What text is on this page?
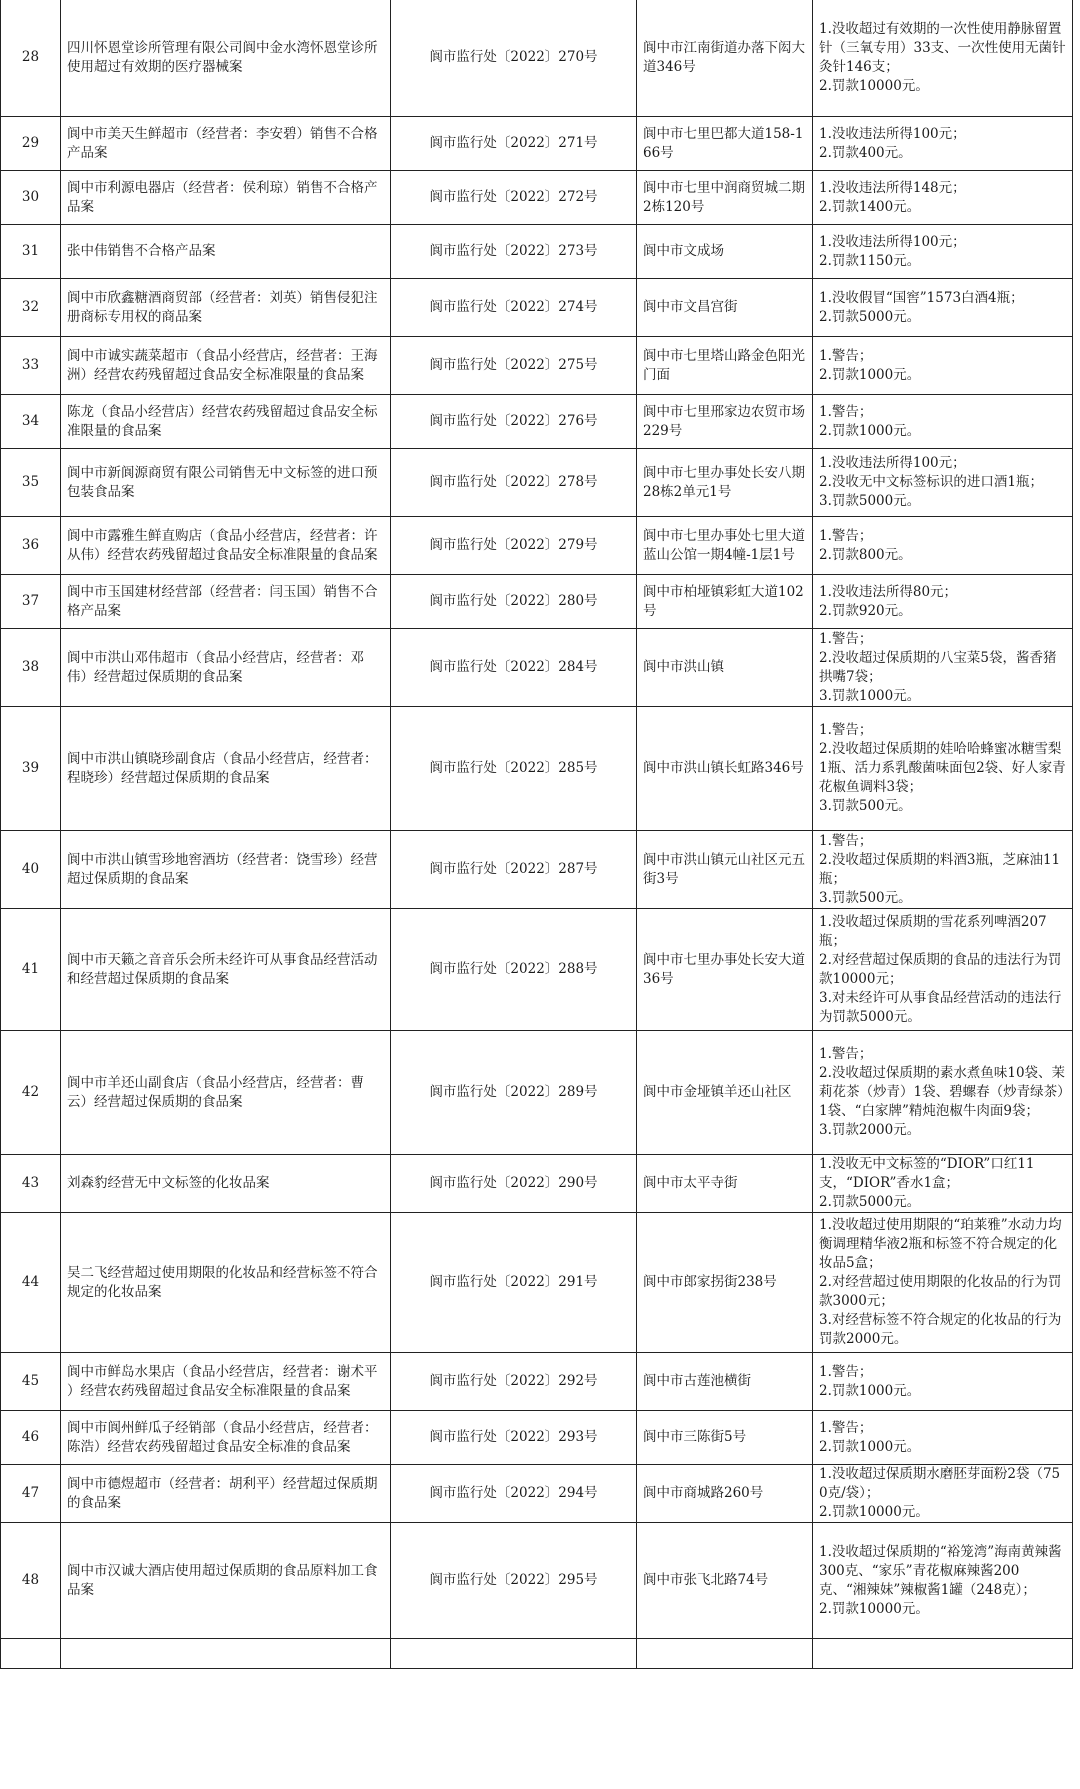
28	四川怀恩堂诊所管理有限公司阆中金水湾怀恩堂诊所使用超过有效期的医疗器械案	阆市监行处〔2022〕270号	阆中市江南街道办落下闳大道346号	1.没收超过有效期的一次性使用静脉留置针（三氧专用）33支、一次性使用无菌针灸针146支；
2.罚款10000元。

29	阆中市美天生鲜超市（经营者：李安碧）销售不合格产品案	阆市监行处〔2022〕271号	阆中市七里巴都大道158-166号	1.没收违法所得100元；
2.罚款400元。

30	阆中市利源电器店（经营者：侯利琼）销售不合格产品案	阆市监行处〔2022〕272号	阆中市七里中润商贸城二期2栋120号	1.没收违法所得148元；
2.罚款1400元。

31	张中伟销售不合格产品案	阆市监行处〔2022〕273号	阆中市文成场	1.没收违法所得100元；
2.罚款1150元。

32	阆中市欣鑫糖酒商贸部（经营者：刘英）销售侵犯注册商标专用权的商品案	阆市监行处〔2022〕274号	阆中市文昌宫街	1.没收假冒“国窖”1573白酒4瓶；
2.罚款5000元。

33	阆中市诚实蔬菜超市（食品小经营店，经营者：王海洲）经营农药残留超过食品安全标准限量的食品案	阆市监行处〔2022〕275号	阆中市七里塔山路金色阳光门面	1.警告；
2.罚款1000元。

34	陈龙（食品小经营店）经营农药残留超过食品安全标准限量的食品案	阆市监行处〔2022〕276号	阆中市七里邢家边农贸市场229号	1.警告；
2.罚款1000元。

35	阆中市新阆源商贸有限公司销售无中文标签的进口预包装食品案	阆市监行处〔2022〕278号	阆中市七里办事处长安八期28栋2单元1号	1.没收违法所得100元；
2.没收无中文标签标识的进口酒1瓶；
3.罚款5000元。

36	阆中市露雅生鲜直购店（食品小经营店，经营者：许从伟）经营农药残留超过食品安全标准限量的食品案	阆市监行处〔2022〕279号	阆中市七里办事处七里大道蓝山公馆一期4幢-1层1号	1.警告；
2.罚款800元。

37	阆中市玉国建材经营部（经营者：闫玉国）销售不合格产品案	阆市监行处〔2022〕280号	阆中市柏垭镇彩虹大道102号	1.没收违法所得80元；
2.罚款920元。

38	阆中市洪山邓伟超市（食品小经营店，经营者：邓伟）经营超过保质期的食品案	阆市监行处〔2022〕284号	阆中市洪山镇	1.警告；
2.没收超过保质期的八宝菜5袋，酱香猪拱嘴7袋；
3.罚款1000元。

39	阆中市洪山镇晓珍副食店（食品小经营店，经营者：程晓珍）经营超过保质期的食品案	阆市监行处〔2022〕285号	阆中市洪山镇长虹路346号	1.警告；
2.没收超过保质期的娃哈哈蜂蜜冰糖雪梨1瓶、活力系乳酸菌味面包2袋、好人家青花椒鱼调料3袋；
3.罚款500元。

40	阆中市洪山镇雪珍地窖酒坊（经营者：饶雪珍）经营超过保质期的食品案	阆市监行处〔2022〕287号	阆中市洪山镇元山社区元五街3号	1.警告；
2.没收超过保质期的料酒3瓶，芝麻油11瓶；
3.罚款500元。

41	阆中市天籁之音音乐会所未经许可从事食品经营活动和经营超过保质期的食品案	阆市监行处〔2022〕288号	阆中市七里办事处长安大道36号	1.没收超过保质期的雪花系列啤酒207瓶；
2.对经营超过保质期的食品的违法行为罚款10000元；
3.对未经许可从事食品经营活动的违法行为罚款5000元。

42	阆中市羊还山副食店（食品小经营店，经营者：曹云）经营超过保质期的食品案	阆市监行处〔2022〕289号	阆中市金垭镇羊还山社区	1.警告；
2.没收超过保质期的素水煮鱼味10袋、茉莉花茶（炒青）1袋、碧螺春（炒青绿茶）1袋、“白家牌”精炖泡椒牛肉面9袋；
3.罚款2000元。

43	刘森豹经营无中文标签的化妆品案	阆市监行处〔2022〕290号	阆中市太平寺街	1.没收无中文标签的“DIOR”口红11支，“DIOR”香水1盒；
2.罚款5000元。

44	吴二飞经营超过使用期限的化妆品和经营标签不符合规定的化妆品案	阆市监行处〔2022〕291号	阆中市郎家拐街238号	1.没收超过使用期限的“珀莱雅”水动力均衡调理精华液2瓶和标签不符合规定的化妆品5盒；
2.对经营超过使用期限的化妆品的行为罚款3000元；
3.对经营标签不符合规定的化妆品的行为罚款2000元。

45	阆中市鲜岛水果店（食品小经营店，经营者：谢术平 ）经营农药残留超过食品安全标准限量的食品案	阆市监行处〔2022〕292号	阆中市古莲池横街	1.警告；
2.罚款1000元。

46	阆中市阆州鲜瓜子经销部（食品小经营店，经营者：陈浩）经营农药残留超过食品安全标准的食品案	阆市监行处〔2022〕293号	阆中市三陈街5号	1.警告；
2.罚款1000元。

47	阆中市德煜超市（经营者：胡利平）经营超过保质期的食品案	阆市监行处〔2022〕294号	阆中市商城路260号	1.没收超过保质期水磨胚芽面粉2袋（750克/袋）；
2.罚款10000元。

48	阆中市汉诚大酒店使用超过保质期的食品原料加工食品案	阆市监行处〔2022〕295号	阆中市张飞北路74号	1.没收超过保质期的“裕笼湾”海南黄辣酱300克、“家乐”青花椒麻辣酱200克、“湘辣妹”辣椒酱1罐（248克）；
2.罚款10000元。
